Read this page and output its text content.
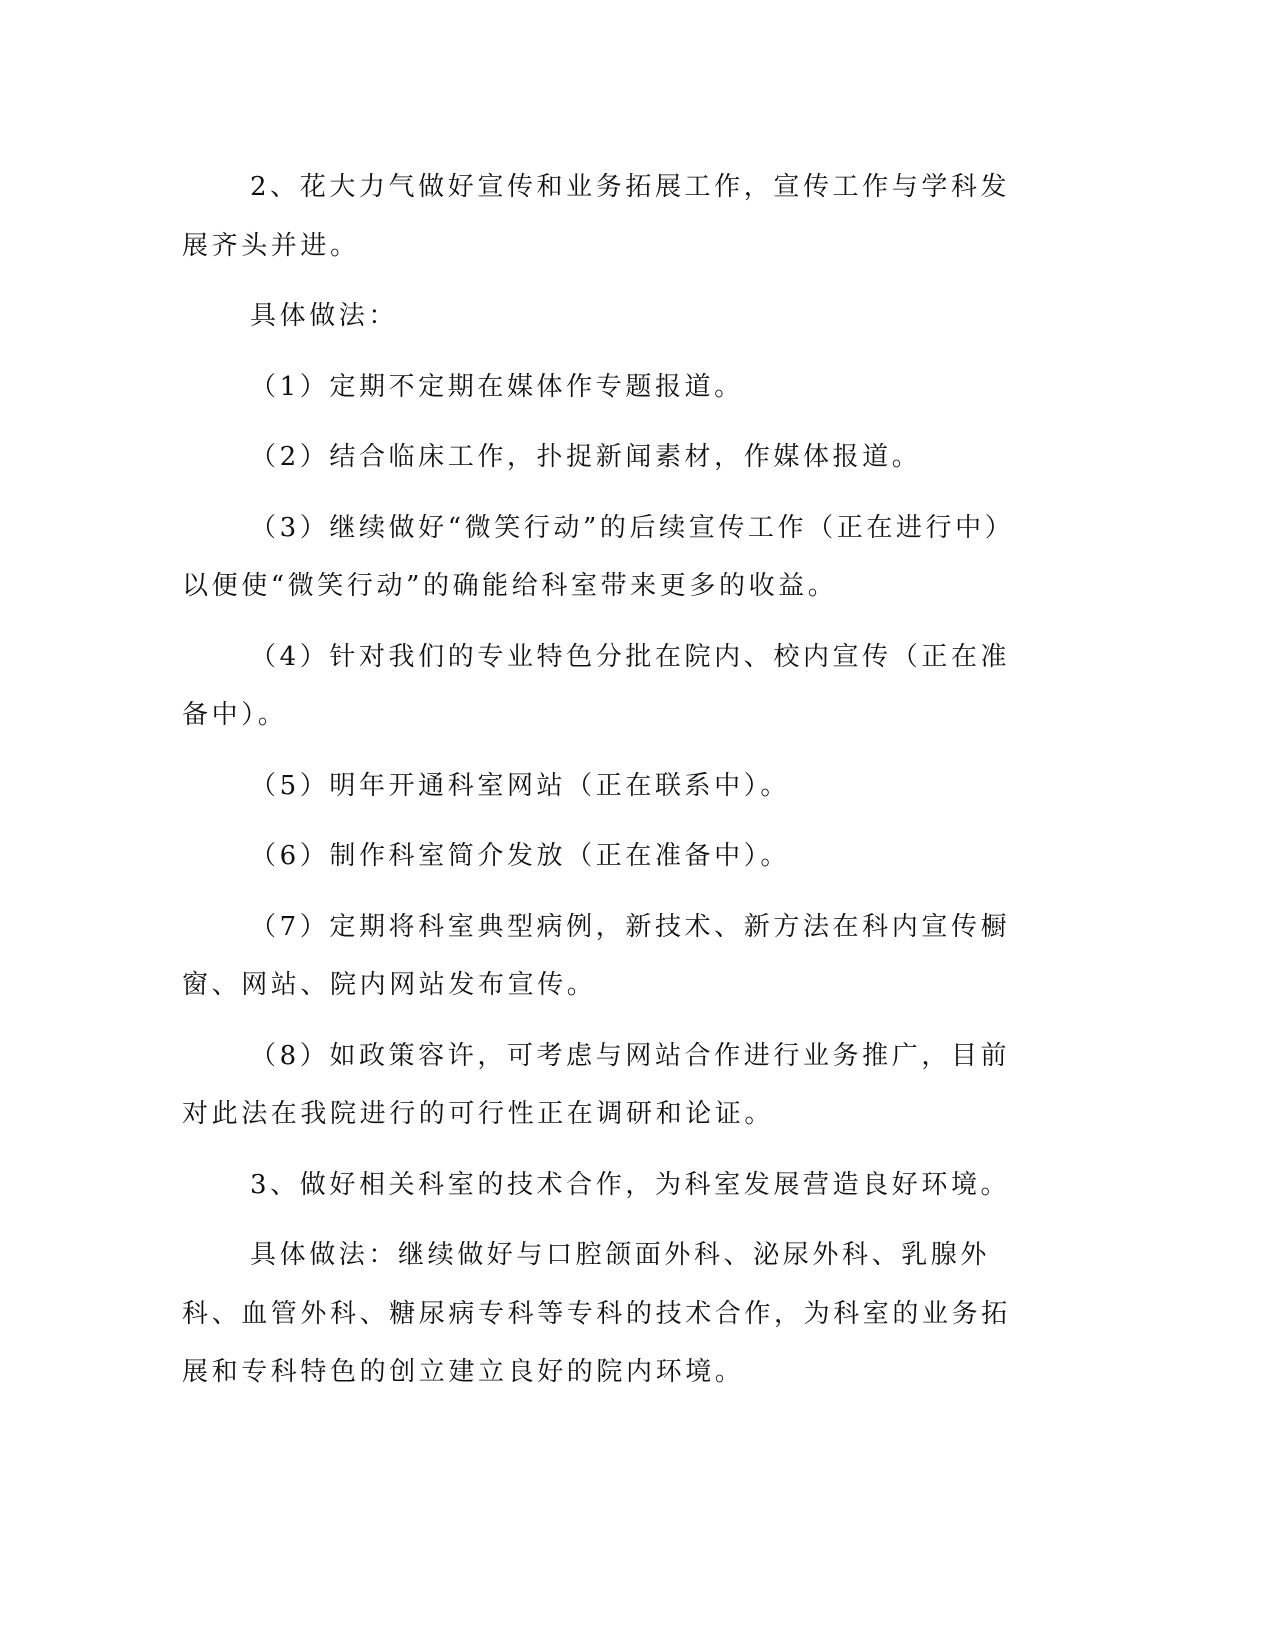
2、花大力气做好宣传和业务拓展工作，宣传工作与学科发展齐头并进。

具体做法：

（1）定期不定期在媒体作专题报道。

（2）结合临床工作，扑捉新闻素材，作媒体报道。

（3）继续做好“微笑行动”的后续宣传工作（正在进行中）以便使“微笑行动”的确能给科室带来更多的收益。

（4）针对我们的专业特色分批在院内、校内宣传（正在准备中）。

（5）明年开通科室网站（正在联系中）。

（6）制作科室简介发放（正在准备中）。

（7）定期将科室典型病例，新技术、新方法在科内宣传橱窗、网站、院内网站发布宣传。

（8）如政策容许，可考虑与网站合作进行业务推广，目前对此法在我院进行的可行性正在调研和论证。

3、做好相关科室的技术合作，为科室发展营造良好环境。

具体做法：继续做好与口腔颌面外科、泌尿外科、乳腺外科、血管外科、糖尿病专科等专科的技术合作，为科室的业务拓展和专科特色的创立建立良好的院内环境。
